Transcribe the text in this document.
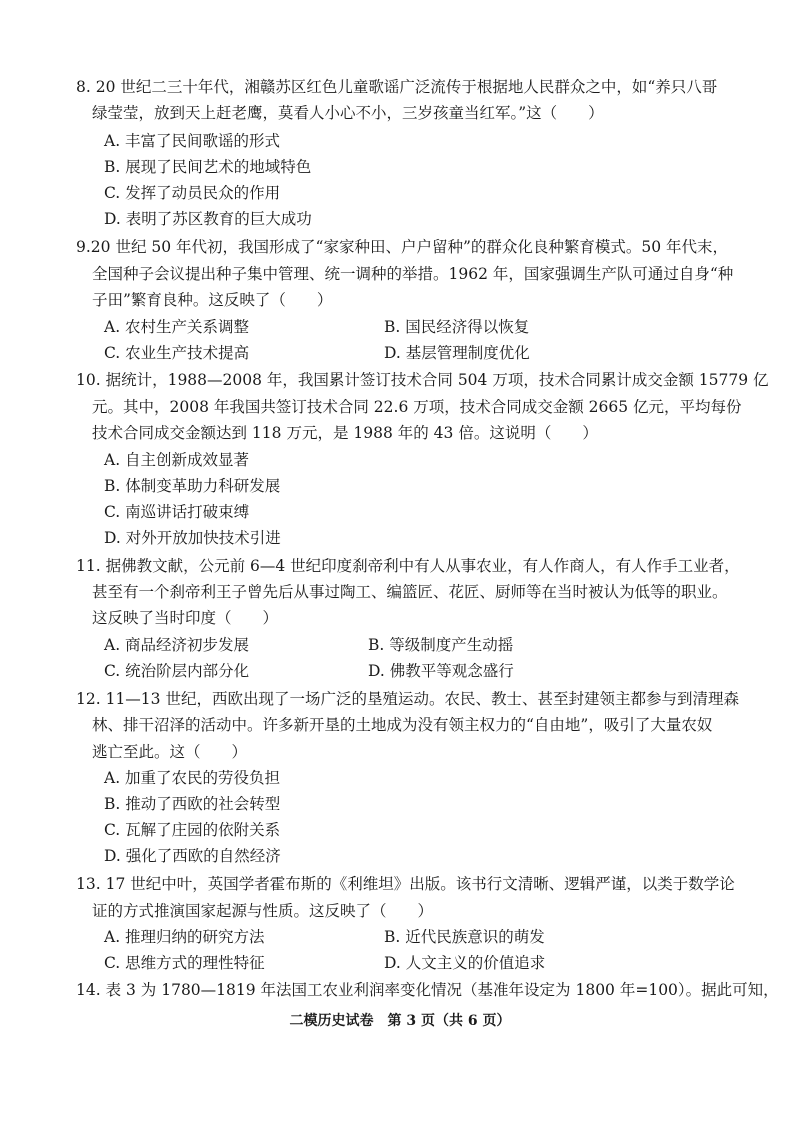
8. 20 世纪二三十年代，湘赣苏区红色儿童歌谣广泛流传于根据地人民群众之中，如“养只八哥
绿莹莹，放到天上赶老鹰，莫看人小心不小，三岁孩童当红军。”这（　　）
A. 丰富了民间歌谣的形式
B. 展现了民间艺术的地域特色
C. 发挥了动员民众的作用
D. 表明了苏区教育的巨大成功
9.20 世纪 50 年代初，我国形成了“家家种田、户户留种”的群众化良种繁育模式。50 年代末，
全国种子会议提出种子集中管理、统一调种的举措。1962 年，国家强调生产队可通过自身“种
子田”繁育良种。这反映了（　　）
A. 农村生产关系调整	B. 国民经济得以恢复
C. 农业生产技术提高	D. 基层管理制度优化
10. 据统计，1988—2008 年，我国累计签订技术合同 504 万项，技术合同累计成交金额 15779 亿
元。其中，2008 年我国共签订技术合同 22.6 万项，技术合同成交金额 2665 亿元，平均每份
技术合同成交金额达到 118 万元，是 1988 年的 43 倍。这说明（　　）
A. 自主创新成效显著
B. 体制变革助力科研发展
C. 南巡讲话打破束缚
D. 对外开放加快技术引进
11. 据佛教文献，公元前 6—4 世纪印度刹帝利中有人从事农业，有人作商人，有人作手工业者，
甚至有一个刹帝利王子曾先后从事过陶工、编篮匠、花匠、厨师等在当时被认为低等的职业。
这反映了当时印度（　　）
A. 商品经济初步发展	B. 等级制度产生动摇
C. 统治阶层内部分化	D. 佛教平等观念盛行
12. 11—13 世纪，西欧出现了一场广泛的垦殖运动。农民、教士、甚至封建领主都参与到清理森
林、排干沼泽的活动中。许多新开垦的土地成为没有领主权力的“自由地”，吸引了大量农奴
逃亡至此。这（　　）
A. 加重了农民的劳役负担
B. 推动了西欧的社会转型
C. 瓦解了庄园的依附关系
D. 强化了西欧的自然经济
13. 17 世纪中叶，英国学者霍布斯的《利维坦》出版。该书行文清晰、逻辑严谨，以类于数学论
证的方式推演国家起源与性质。这反映了（　　）
A. 推理归纳的研究方法	B. 近代民族意识的萌发
C. 思维方式的理性特征	D. 人文主义的价值追求
14. 表 3 为 1780—1819 年法国工农业利润率变化情况（基准年设定为 1800 年=100）。据此可知，
二模历史试卷　第 3 页（共 6 页）
